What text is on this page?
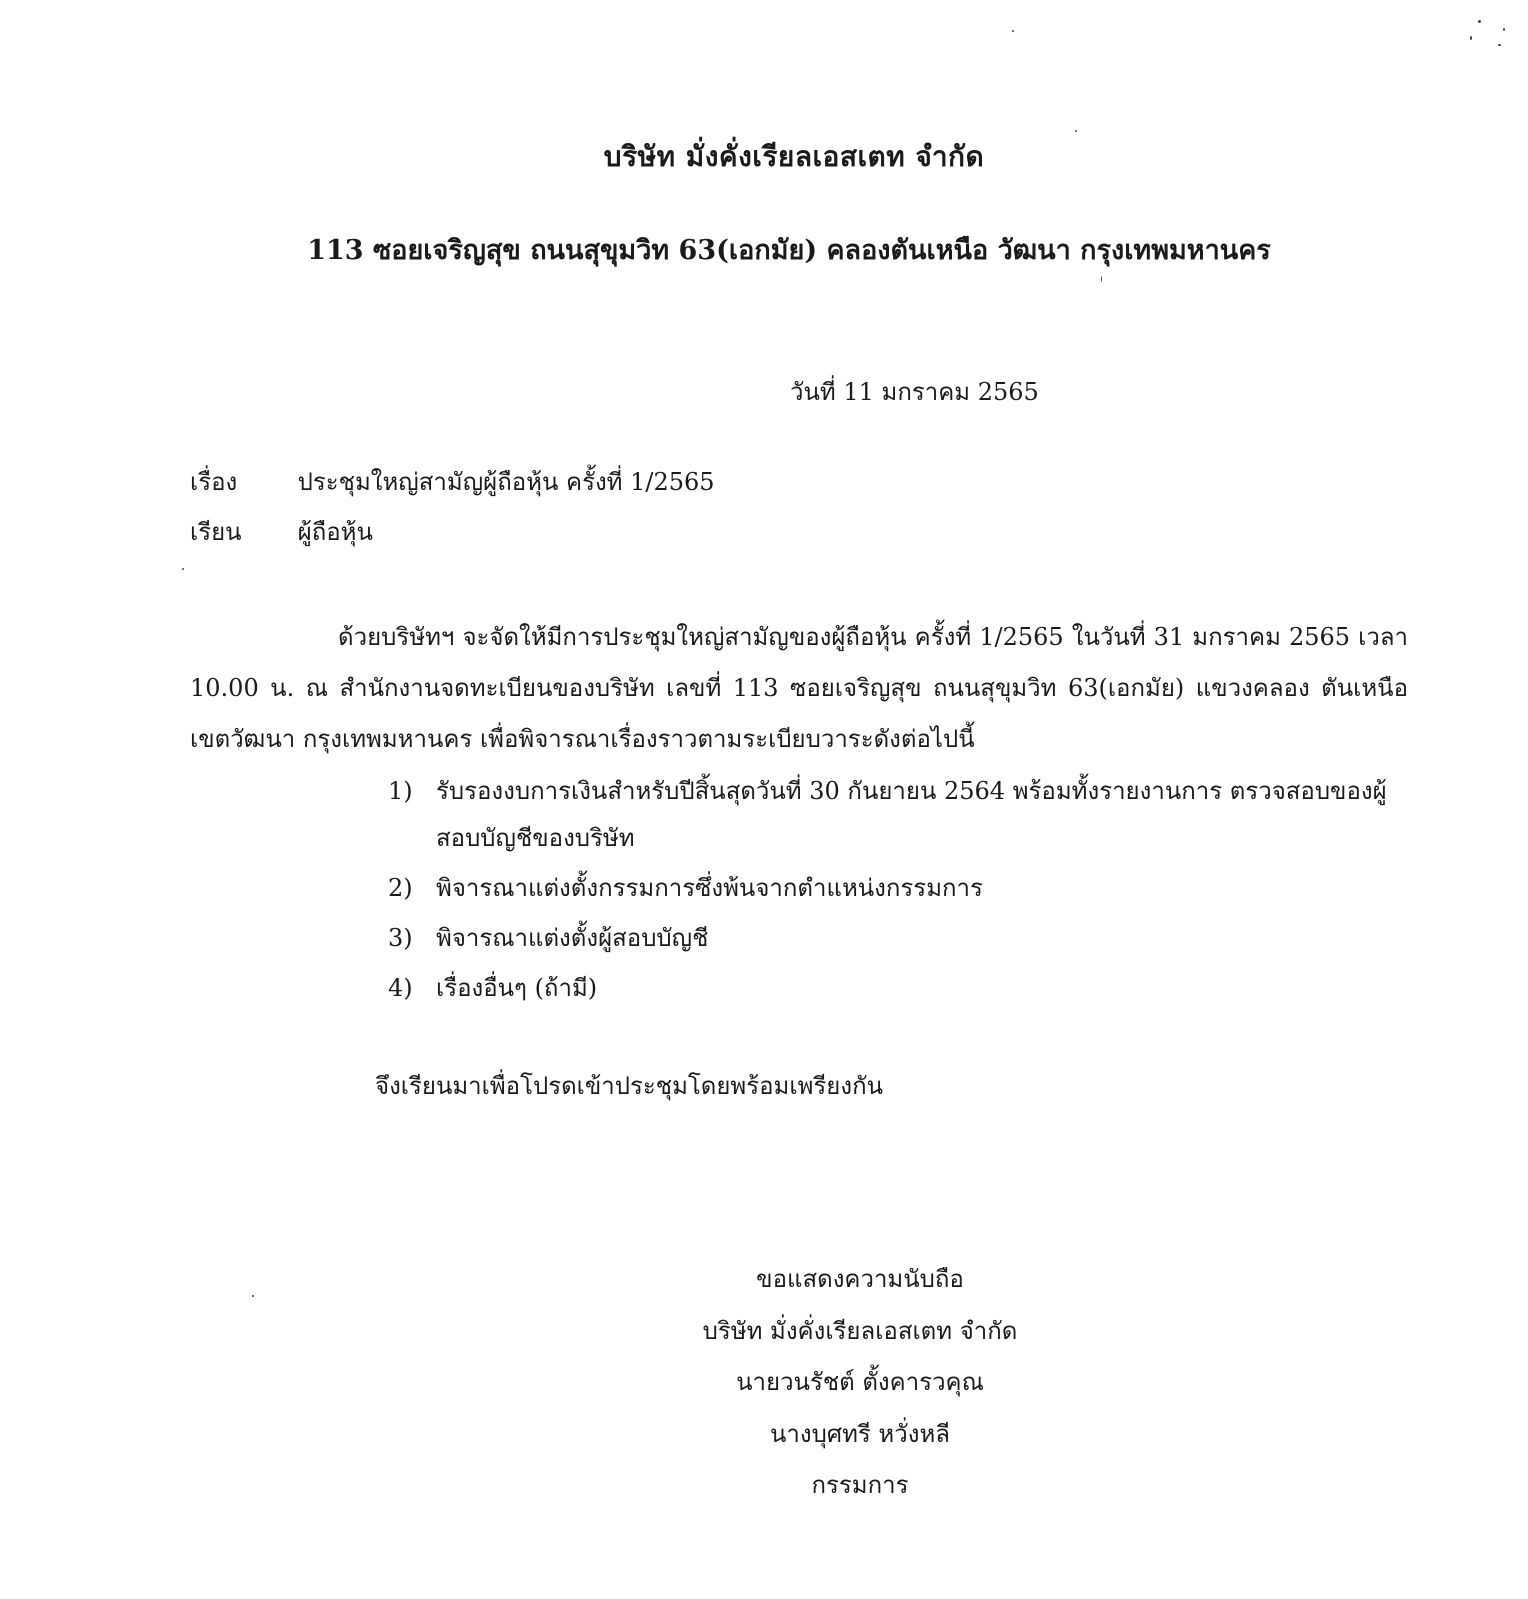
บริษัท มั่งคั่งเรียลเอสเตท จำกัด
113 ซอยเจริญสุข ถนนสุขุมวิท 63(เอกมัย) คลองตันเหนือ วัฒนา กรุงเทพมหานคร
วันที่ 11 มกราคม 2565
เรื่อง	ประชุมใหญ่สามัญผู้ถือหุ้น ครั้งที่ 1/2565
เรียน ผู้ถือหุ้น
ด้วยบริษัทฯ จะจัดให้มีการประชุมใหญ่สามัญของผู้ถือหุ้น ครั้งที่ 1/2565 ในวันที่ 31 มกราคม 2565 เวลา 10.00 น. ณ สำนักงานจดทะเบียนของบริษัท เลขที่ 113 ซอยเจริญสุข ถนนสุขุมวิท 63(เอกมัย) แขวงคลอง ตันเหนือ เขตวัฒนา กรุงเทพมหานคร เพื่อพิจารณาเรื่องราวตามระเบียบวาระดังต่อไปนี้
1) รับรองงบการเงินสำหรับปีสิ้นสุดวันที่ 30 กันยายน 2564 พร้อมทั้งรายงานการ ตรวจสอบของผู้สอบบัญชีของบริษัท
2) พิจารณาแต่งตั้งกรรมการซึ่งพ้นจากตำแหน่งกรรมการ
3) พิจารณาแต่งตั้งผู้สอบบัญชี
4) เรื่องอื่นๆ (ถ้ามี)
จึงเรียนมาเพื่อโปรดเข้าประชุมโดยพร้อมเพรียงกัน
ขอแสดงความนับถือ
บริษัท มั่งคั่งเรียลเอสเตท จำกัด
นายวนรัชต์ ตั้งคารวคุณ
นางบุศทรี หวั่งหลี
กรรมการ
